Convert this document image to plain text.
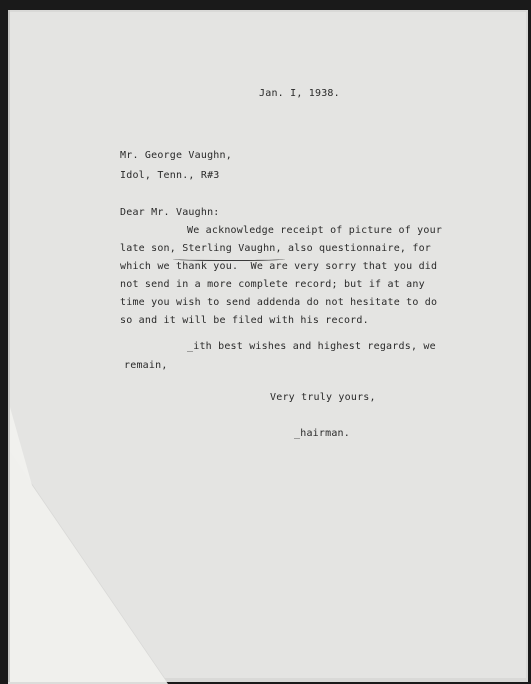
Jan. I, 1938.
Mr. George Vaughn,
Idol, Tenn., R#3
Dear Mr. Vaughn:
We acknowledge receipt of picture of your
late son, Sterling Vaughn, also questionnaire, for
which we thank you.  We are very sorry that you did
not send in a more complete record; but if at any
time you wish to send addenda do not hesitate to do
so and it will be filed with his record.
_ith best wishes and highest regards, we
remain,
Very truly yours,
_hairman.
